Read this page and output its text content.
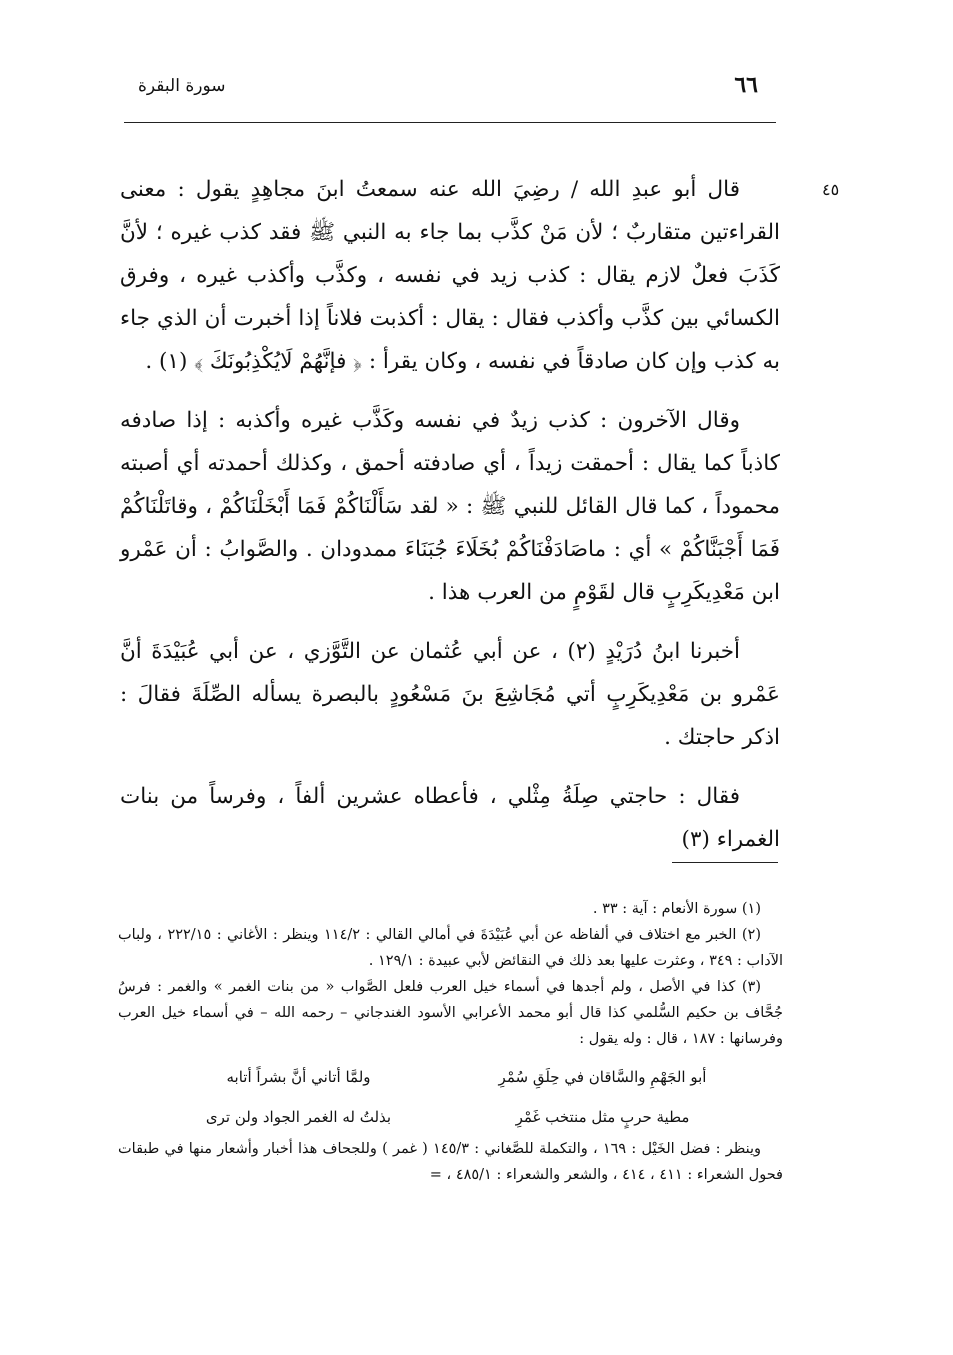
٦٦
سورة البقرة
٤٥

قال أبو عبدِ الله / رضِيَ الله عنه سمعتُ ابنَ مجاهِدٍ يقول : معنى القراءتين متقاربٌ ؛ لأن مَنْ كذَّب بما جاء به النبي ﷺ فقد كذب غيره ؛ لأنَّ كَذَبَ فعلٌ لازم يقال : كذب زيد في نفسه ، وكذَّب وأكذب غيره ، وفرق الكسائي بين كذَّب وأكذب فقال : يقال : أكذبت فلاناً إذا أخبرت أن الذي جاء به كذب وإن كان صادقاً في نفسه ، وكان يقرأ : ﴿ فإنَّهُمْ لَايُكْذِبُونَكَ ﴾ (١) .

وقال الآخرون : كذب زيدٌ في نفسه وكَذَّب غيره وأكذبه : إذا صادفه كاذباً كما يقال : أحمقت زيداً ، أي صادفته أحمق ، وكذلك أحمدته أي أصبته محموداً ، كما قال القائل للنبي ﷺ : « لقد سَأَلْنَاكُمْ فَمَا أَبْخَلْنَاكُمْ ، وقاتَلْنَاكُمْ فَمَا أَجْبَنَّاكُمْ » أي : ماصَادَفْنَاكُمْ بُخَلَاءَ جُبَنَاءَ ممدودان . والصَّوابُ : أن عَمْرو ابن مَعْدِيكَرِبٍ قال لقَوْمٍ من العرب هذا .

أخبرنا ابنُ دُرَيْدٍ (٢) ، عن أبي عُثمان عن التَّوَّزي ، عن أبي عُبَيْدَةَ أنَّ عَمْرو بن مَعْدِيكَرِبٍ أتي مُجَاشِعَ بنَ مَسْعُودٍ بالبصرة يسأله الصِّلَةَ فقالَ : اذكر حاجتك .

فقال : حاجتي صِلَةُ مِثْلي ، فأعطاه عشرين ألفاً ، وفرساً من بنات الغمراء (٣)

(١) سورة الأنعام : آية : ٣٣ .

(٢) الخبر مع اختلاف في ألفاظه عن أبي عُبَيْدَةَ في أمالي القالي : ١١٤/٢ وينظر : الأغاني : ٢٢٢/١٥ ، ولباب الآداب : ٣٤٩ ، وعثرت عليها بعد ذلك في النقائض لأبي عبيدة : ١٢٩/١ .

(٣) كذا في الأصل ، ولم أجدها في أسماء خيل العرب فلعل الصَّواب « من بنات الغمر » والغمر : فرسُ جُحَّاف بن حكيم السُّلمي كذا قال أبو محمد الأعرابي الأسود الغندجاني – رحمه الله – في أسماء خيل العرب وفرسانها : ١٨٧ ، قال : وله يقول :

أبو الجَهْمِ والسَّاقان في حِلَقِ سُمْرِ
ولمَّا أتاني أنَّ بشراً أتابه
مطية حربٍ مثل منتخب غَمْرِ
بذلتُ له الغمر الجواد ولن ترى

وينظر : فضل الخَيْل : ١٦٩ ، والتكملة للصَّغاني : ١٤٥/٣ ( غمر ) وللجحاف هذا أخبار وأشعار منها في طبقات فحول الشعراء : ٤١١ ، ٤١٤ ، والشعر والشعراء : ٤٨٥/١ ، =
